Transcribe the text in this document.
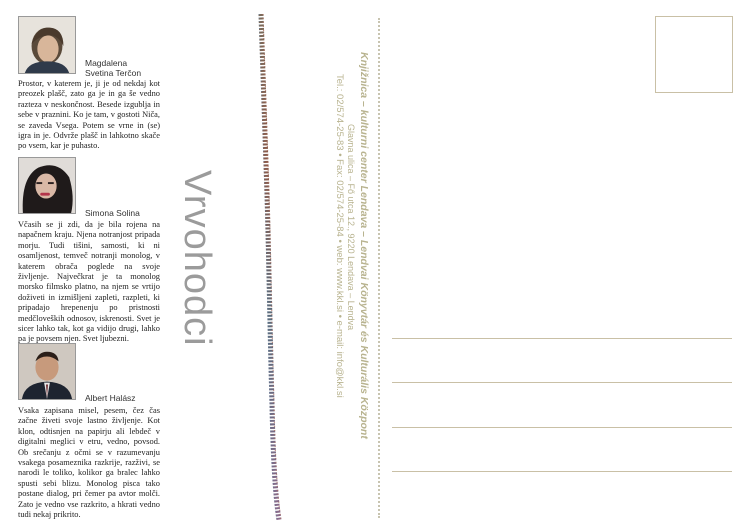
Magdalena
Svetina Terčon
Prostor, v katerem je, ji je od nekdaj kot preozek plašč, zato ga je in ga še vedno razteza v neskončnost. Besede izgublja in sebe v praznini. Ko je tam, v gostoti Niča, se zaveda Vsega. Potem se vrne in (se) igra in je. Odvrže plašč in lahkotno skače po vsem, kar je puhasto.
Simona Solina
Včasih se ji zdi, da je bila rojena na napačnem kraju. Njena notranjost pripada morju. Tudi tišini, samosti, ki ni osamljenost, temveč notranji monolog, v katerem obrača poglede na svoje življenje. Največkrat je ta monolog morsko filmsko platno, na njem se vrtijo doživeti in izmišljeni zapleti, razpleti, ki pripadajo hrepenenju po pristnosti medčloveških odnosov, iskrenosti. Svet je sicer lahko tak, kot ga vidijo drugi, lahko pa je povsem njen. Svet ljubezni.
Albert Halász
Vsaka zapisana misel, pesem, čez čas začne živeti svoje lastno življenje. Kot klon, odtisnjen na papirju ali lebdeč v digitalni meglici v etru, vedno, povsod. Ob srečanju z očmi se v razumevanju vsakega posameznika razkrije, razživi, se narodi le toliko, kolikor ga bralec lahko spusti sebi blizu. Monolog pisca tako postane dialog, pri čemer pa avtor molči. Zato je vedno vse razkrito, a hkrati vedno tudi nekaj prikrito.
Vrvohodci	Knjižnica – kulturni center Lendava – Lendvai Könyvtár és Kulturális Központ
Glavna ulica – Fő utca 12., 9220 Lendava – Lendva
Tel.: 02/574-25-83 • Fax: 02/574-25-84 • web: www.kkl.si • e-mail: info@kkl.si
